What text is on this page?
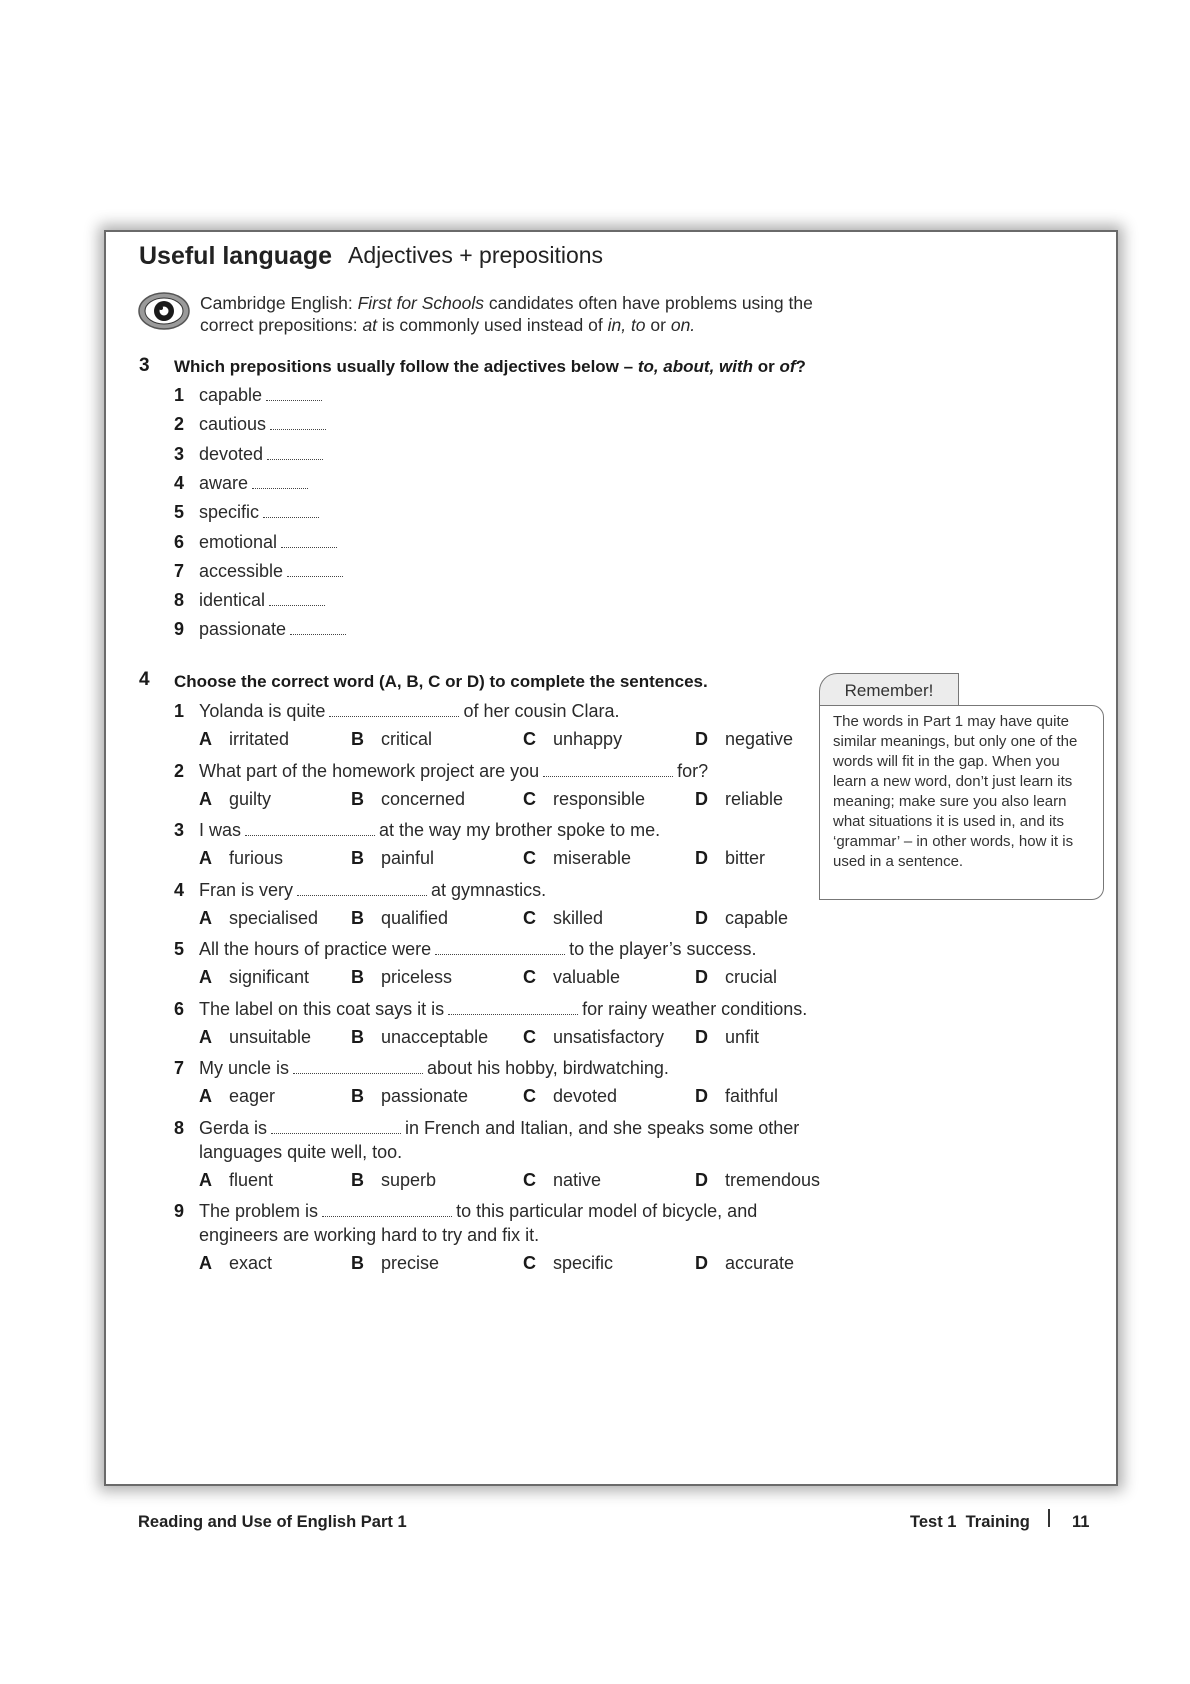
Useful language Adjectives + prepositions
Cambridge English: First for Schools candidates often have problems using the
correct prepositions: at is commonly used instead of in, to or on.
3 Which prepositions usually follow the adjectives below – to, about, with or of?
1 capable
2 cautious
3 devoted
4 aware
5 specific
6 emotional
7 accessible
8 identical
9 passionate
4 Choose the correct word (A, B, C or D) to complete the sentences.
1 Yolanda is quite	of her cousin Clara.
A irritated	B critical	C unhappy	D negative
2 What part of the homework project are you	for?
A guilty	B concerned	C responsible	D reliable
3 I was	at the way my brother spoke to me.
A furious	B painful	C miserable	D bitter
4 Fran is very	at gymnastics.
A specialised B qualified	C skilled	D capable
5 All the hours of practice were	to the player’s success.
A significant B priceless	C valuable	D crucial
6 The label on this coat says it is	for rainy weather conditions.
A unsuitable B unacceptable C unsatisfactory D unfit
7 My uncle is	about his hobby, birdwatching.
A eager	B passionate	C devoted	D faithful
8 Gerda is	in French and Italian, and she speaks some other
languages quite well, too.
A fluent	B superb	C native	D tremendous
9 The problem is	to this particular model of bicycle, and
engineers are working hard to try and fix it.
A exact	B precise	C specific	D accurate
Remember!
The words in Part 1 may have quite similar meanings, but only one of the words will fit in the gap. When you learn a new word, don’t just learn its meaning; make sure you also learn what situations it is used in, and its ‘grammar’ – in other words, how it is used in a sentence.
Reading and Use of English Part 1	Test 1  Training	11
